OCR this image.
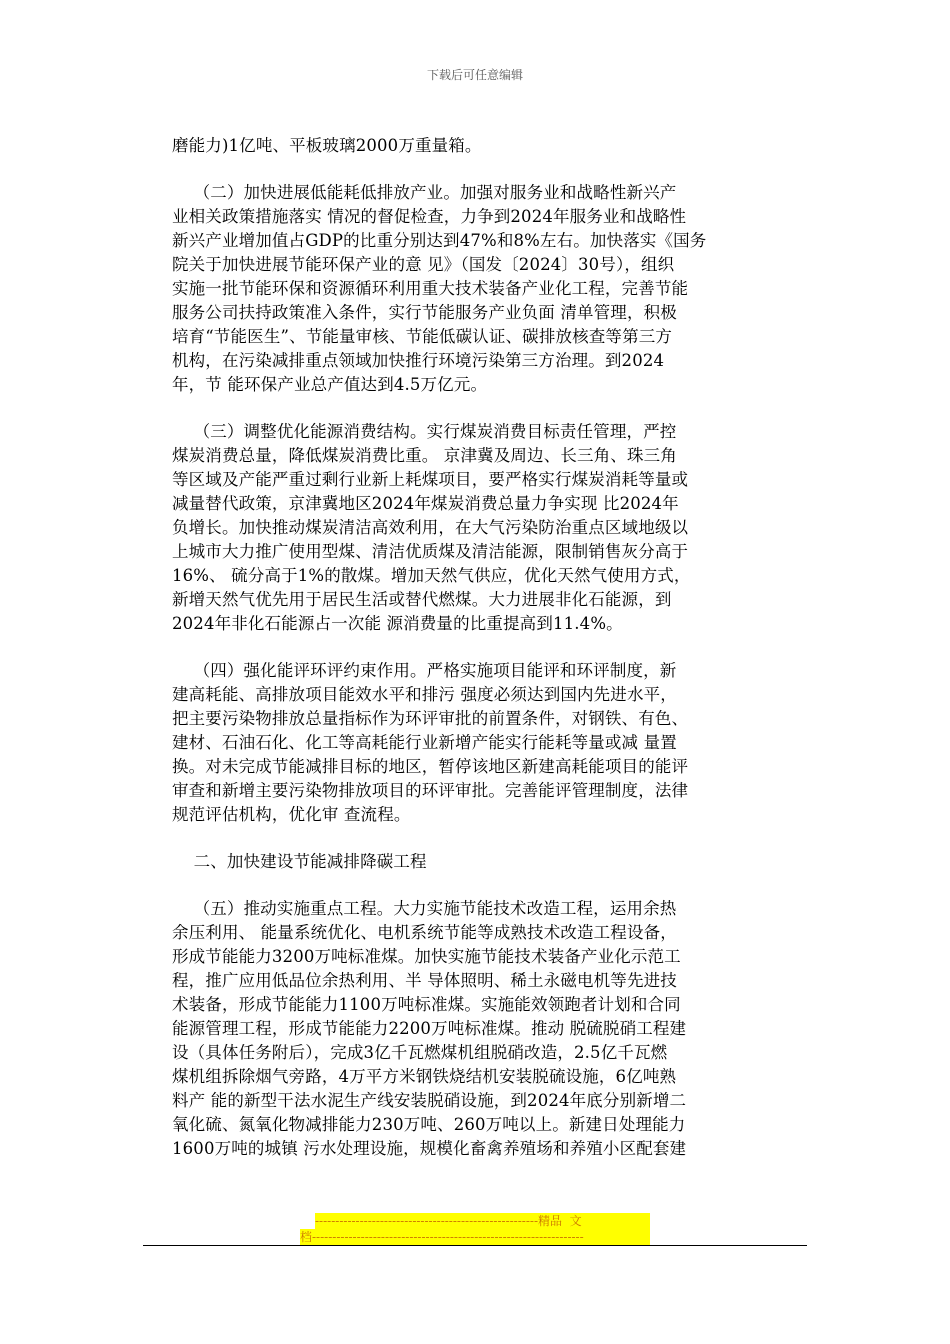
下载后可任意编辑
磨能力)1亿吨、平板玻璃2000万重量箱。
（二）加快进展低能耗低排放产业。加强对服务业和战略性新兴产
业相关政策措施落实 情况的督促检查，力争到2024年服务业和战略性
新兴产业增加值占GDP的比重分别达到47%和8%左右。加快落实《国务
院关于加快进展节能环保产业的意 见》（国发〔2024〕30号），组织
实施一批节能环保和资源循环利用重大技术装备产业化工程，完善节能
服务公司扶持政策准入条件，实行节能服务产业负面 清单管理，积极
培育“节能医生”、节能量审核、节能低碳认证、碳排放核查等第三方
机构，在污染减排重点领域加快推行环境污染第三方治理。到2024
年，节 能环保产业总产值达到4.5万亿元。
（三）调整优化能源消费结构。实行煤炭消费目标责任管理，严控
煤炭消费总量，降低煤炭消费比重。 京津冀及周边、长三角、珠三角
等区域及产能严重过剩行业新上耗煤项目，要严格实行煤炭消耗等量或
减量替代政策，京津冀地区2024年煤炭消费总量力争实现 比2024年
负增长。加快推动煤炭清洁高效利用，在大气污染防治重点区域地级以
上城市大力推广使用型煤、清洁优质煤及清洁能源，限制销售灰分高于
16%、 硫分高于1%的散煤。增加天然气供应，优化天然气使用方式，
新增天然气优先用于居民生活或替代燃煤。大力进展非化石能源，到
2024年非化石能源占一次能 源消费量的比重提高到11.4%。
（四）强化能评环评约束作用。严格实施项目能评和环评制度，新
建高耗能、高排放项目能效水平和排污 强度必须达到国内先进水平，
把主要污染物排放总量指标作为环评审批的前置条件，对钢铁、有色、
建材、石油石化、化工等高耗能行业新增产能实行能耗等量或减 量置
换。对未完成节能减排目标的地区，暂停该地区新建高耗能项目的能评
审查和新增主要污染物排放项目的环评审批。完善能评管理制度，法律
规范评估机构，优化审 查流程。
二、加快建设节能减排降碳工程
（五）推动实施重点工程。大力实施节能技术改造工程，运用余热
余压利用、 能量系统优化、电机系统节能等成熟技术改造工程设备，
形成节能能力3200万吨标准煤。加快实施节能技术装备产业化示范工
程，推广应用低品位余热利用、半 导体照明、稀土永磁电机等先进技
术装备，形成节能能力1100万吨标准煤。实施能效领跑者计划和合同
能源管理工程，形成节能能力2200万吨标准煤。推动 脱硫脱硝工程建
设（具体任务附后），完成3亿千瓦燃煤机组脱硝改造，2.5亿千瓦燃
煤机组拆除烟气旁路，4万平方米钢铁烧结机安装脱硫设施，6亿吨熟
料产 能的新型干法水泥生产线安装脱硝设施，到2024年底分别新增二
氧化硫、氮氧化物减排能力230万吨、260万吨以上。新建日处理能力
1600万吨的城镇 污水处理设施，规模化畜禽养殖场和养殖小区配套建
-------------------------------------------------------精品  文
档-------------------------------------------------------------------
